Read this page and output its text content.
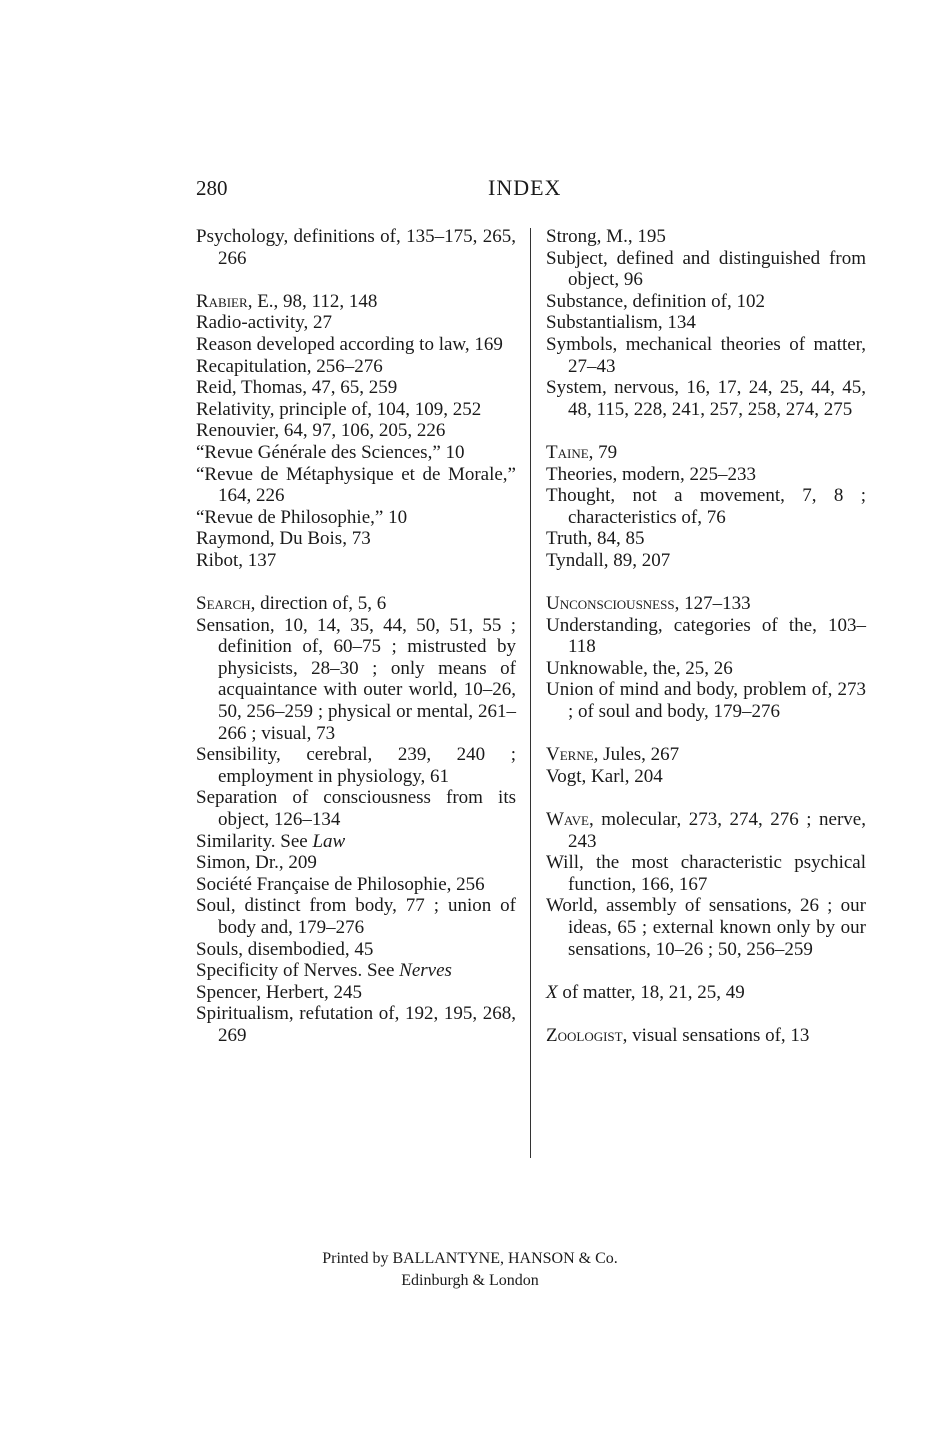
280	INDEX
Psychology, definitions of, 135–175, 265, 266
Rabier, E., 98, 112, 148
Radio-activity, 27
Reason developed according to law, 169
Recapitulation, 256–276
Reid, Thomas, 47, 65, 259
Relativity, principle of, 104, 109, 252
Renouvier, 64, 97, 106, 205, 226
“Revue Générale des Sciences,” 10
“Revue de Métaphysique et de Morale,” 164, 226
“Revue de Philosophie,” 10
Raymond, Du Bois, 73
Ribot, 137
Search, direction of, 5, 6
Sensation, 10, 14, 35, 44, 50, 51, 55 ; definition of, 60–75 ; mistrusted by physicists, 28–30 ; only means of acquaintance with outer world, 10–26, 50, 256–259 ; physical or mental, 261–266 ; visual, 73
Sensibility, cerebral, 239, 240 ; employment in physiology, 61
Separation of consciousness from its object, 126–134
Similarity. See Law
Simon, Dr., 209
Société Française de Philosophie, 256
Soul, distinct from body, 77 ; union of body and, 179–276
Souls, disembodied, 45
Specificity of Nerves. See Nerves
Spencer, Herbert, 245
Spiritualism, refutation of, 192, 195, 268, 269
Strong, M., 195
Subject, defined and distinguished from object, 96
Substance, definition of, 102
Substantialism, 134
Symbols, mechanical theories of matter, 27–43
System, nervous, 16, 17, 24, 25, 44, 45, 48, 115, 228, 241, 257, 258, 274, 275
Taine, 79
Theories, modern, 225–233
Thought, not a movement, 7, 8 ; characteristics of, 76
Truth, 84, 85
Tyndall, 89, 207
Unconsciousness, 127–133
Understanding, categories of the, 103–118
Unknowable, the, 25, 26
Union of mind and body, problem of, 273 ; of soul and body, 179–276
Verne, Jules, 267
Vogt, Karl, 204
Wave, molecular, 273, 274, 276 ; nerve, 243
Will, the most characteristic psychical function, 166, 167
World, assembly of sensations, 26 ; our ideas, 65 ; external known only by our sensations, 10–26 ; 50, 256–259
X of matter, 18, 21, 25, 49
Zoologist, visual sensations of, 13
Printed by BALLANTYNE, HANSON & Co.
Edinburgh & London
